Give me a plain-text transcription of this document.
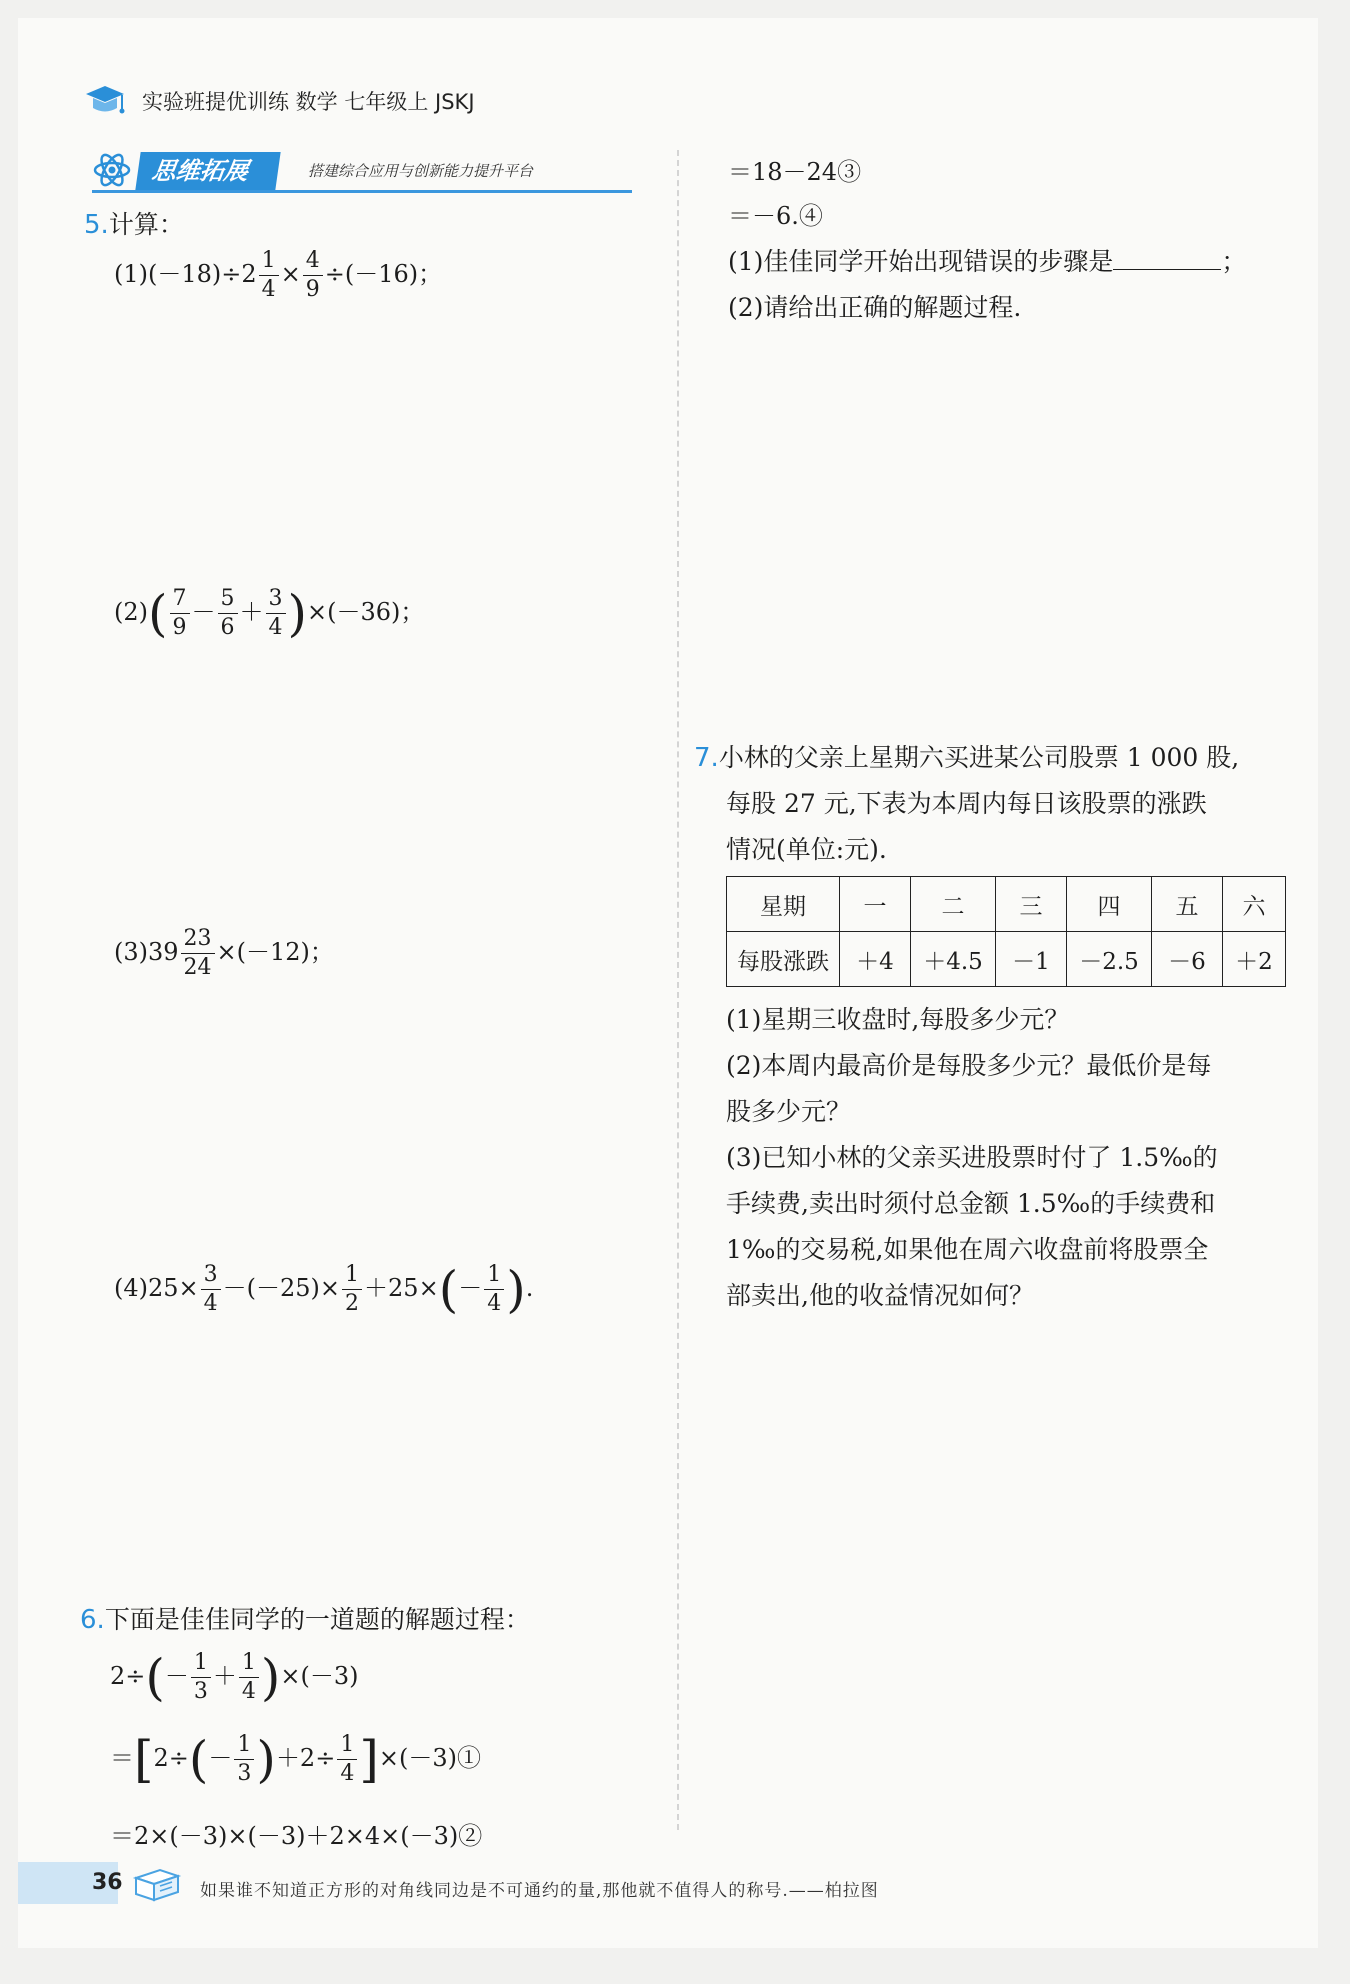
实验班提优训练 数学 七年级上 JSKJ
思维拓展	搭建综合应用与创新能力提升平台
5.计算：
$(1)(-18)\div 2 \frac{1}{4} \times \frac{4}{9} \div(-16)$；
$(2)( \frac{7}{9} - \frac{5}{6} + \frac{3}{4} )\times(-36)$；
$(3)39 \frac{23}{24} \times(-12)$；
$(4)25\times \frac{3}{4} -(-25)\times \frac{1}{2} +25\times(- \frac{1}{4}$ ).
6.下面是佳佳同学的一道题的解题过程：
$2\div(- \frac{1}{3} + \frac{1}{4} )\times(-3)$
$=[2\div(- \frac{1}{3} )+2\div \frac{1}{4}$ ]×(－3)①
＝2×(－3)×(－3)＋2×4×(－3)②
＝18－24③
＝－6.④
(1)佳佳同学开始出现错误的步骤是	；
(2)请给出正确的解题过程.
7.小林的父亲上星期六买进某公司股票 1 000 股,
每股 27 元,下表为本周内每日该股票的涨跌
情况(单位:元).
星期	一	二	三	四	五	六
每股涨跌	＋4	＋4.5	－1	－2.5	－6	＋2
(1)星期三收盘时,每股多少元？
(2)本周内最高价是每股多少元？最低价是每
股多少元？
(3)已知小林的父亲买进股票时付了 1.5‰的
手续费,卖出时须付总金额 1.5‰的手续费和
1‰的交易税,如果他在周六收盘前将股票全
部卖出,他的收益情况如何？
36	如果谁不知道正方形的对角线同边是不可通约的量,那他就不值得人的称号.——柏拉图
